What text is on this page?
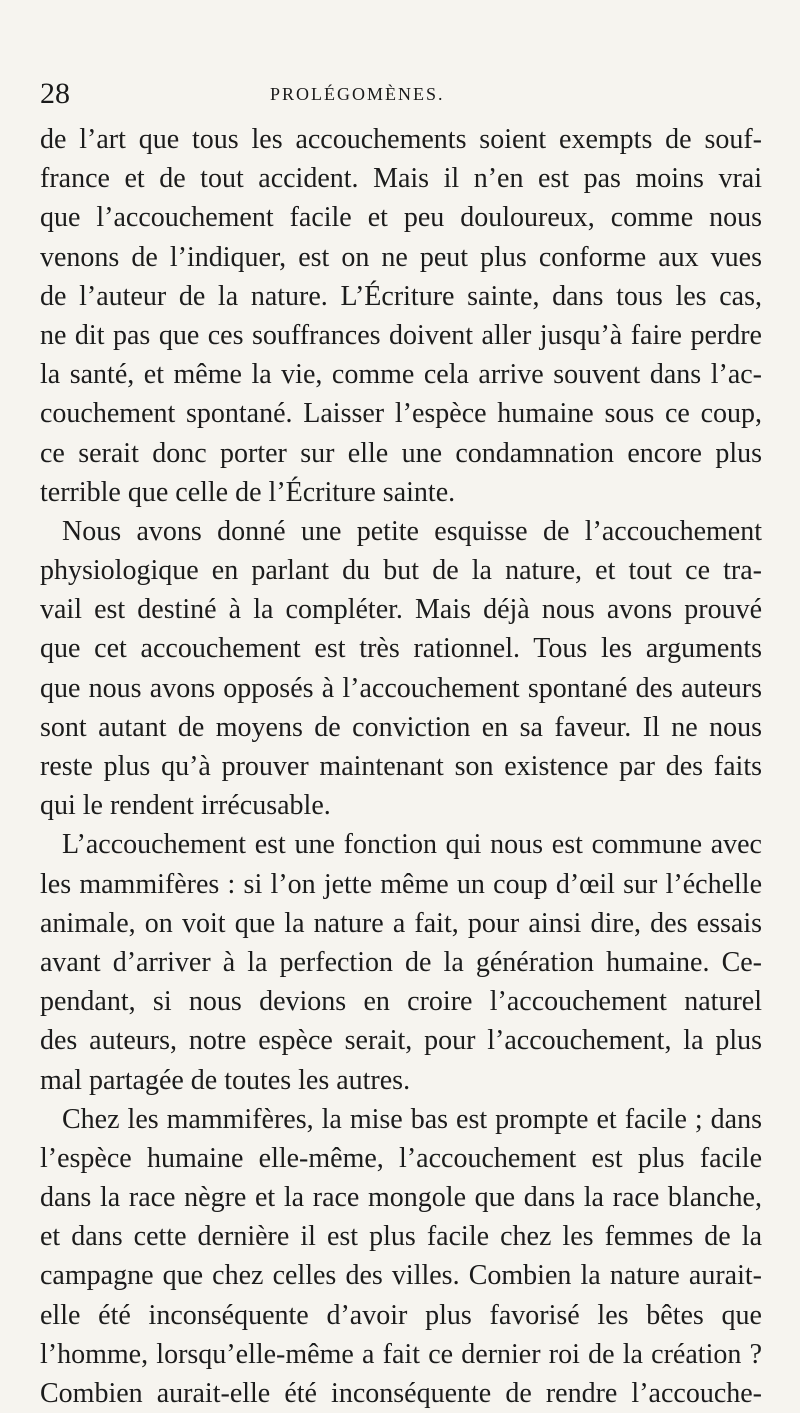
28	PROLÉGOMÈNES.
de l’art que tous les accouchements soient exempts de souf-
france et de tout accident. Mais il n’en est pas moins vrai
que l’accouchement facile et peu douloureux, comme nous
venons de l’indiquer, est on ne peut plus conforme aux vues
de l’auteur de la nature. L’Écriture sainte, dans tous les cas,
ne dit pas que ces souffrances doivent aller jusqu’à faire perdre
la santé, et même la vie, comme cela arrive souvent dans l’ac-
couchement spontané. Laisser l’espèce humaine sous ce coup,
ce serait donc porter sur elle une condamnation encore plus
terrible que celle de l’Écriture sainte.
Nous avons donné une petite esquisse de l’accouchement
physiologique en parlant du but de la nature, et tout ce tra-
vail est destiné à la compléter. Mais déjà nous avons prouvé
que cet accouchement est très rationnel. Tous les arguments
que nous avons opposés à l’accouchement spontané des auteurs
sont autant de moyens de conviction en sa faveur. Il ne nous
reste plus qu’à prouver maintenant son existence par des faits
qui le rendent irrécusable.
L’accouchement est une fonction qui nous est commune avec
les mammifères : si l’on jette même un coup d’œil sur l’échelle
animale, on voit que la nature a fait, pour ainsi dire, des essais
avant d’arriver à la perfection de la génération humaine. Ce-
pendant, si nous devions en croire l’accouchement naturel
des auteurs, notre espèce serait, pour l’accouchement, la plus
mal partagée de toutes les autres.
Chez les mammifères, la mise bas est prompte et facile ; dans
l’espèce humaine elle-même, l’accouchement est plus facile
dans la race nègre et la race mongole que dans la race blanche,
et dans cette dernière il est plus facile chez les femmes de la
campagne que chez celles des villes. Combien la nature aurait-
elle été inconséquente d’avoir plus favorisé les bêtes que
l’homme, lorsqu’elle-même a fait ce dernier roi de la création ?
Combien aurait-elle été inconséquente de rendre l’accouche-
